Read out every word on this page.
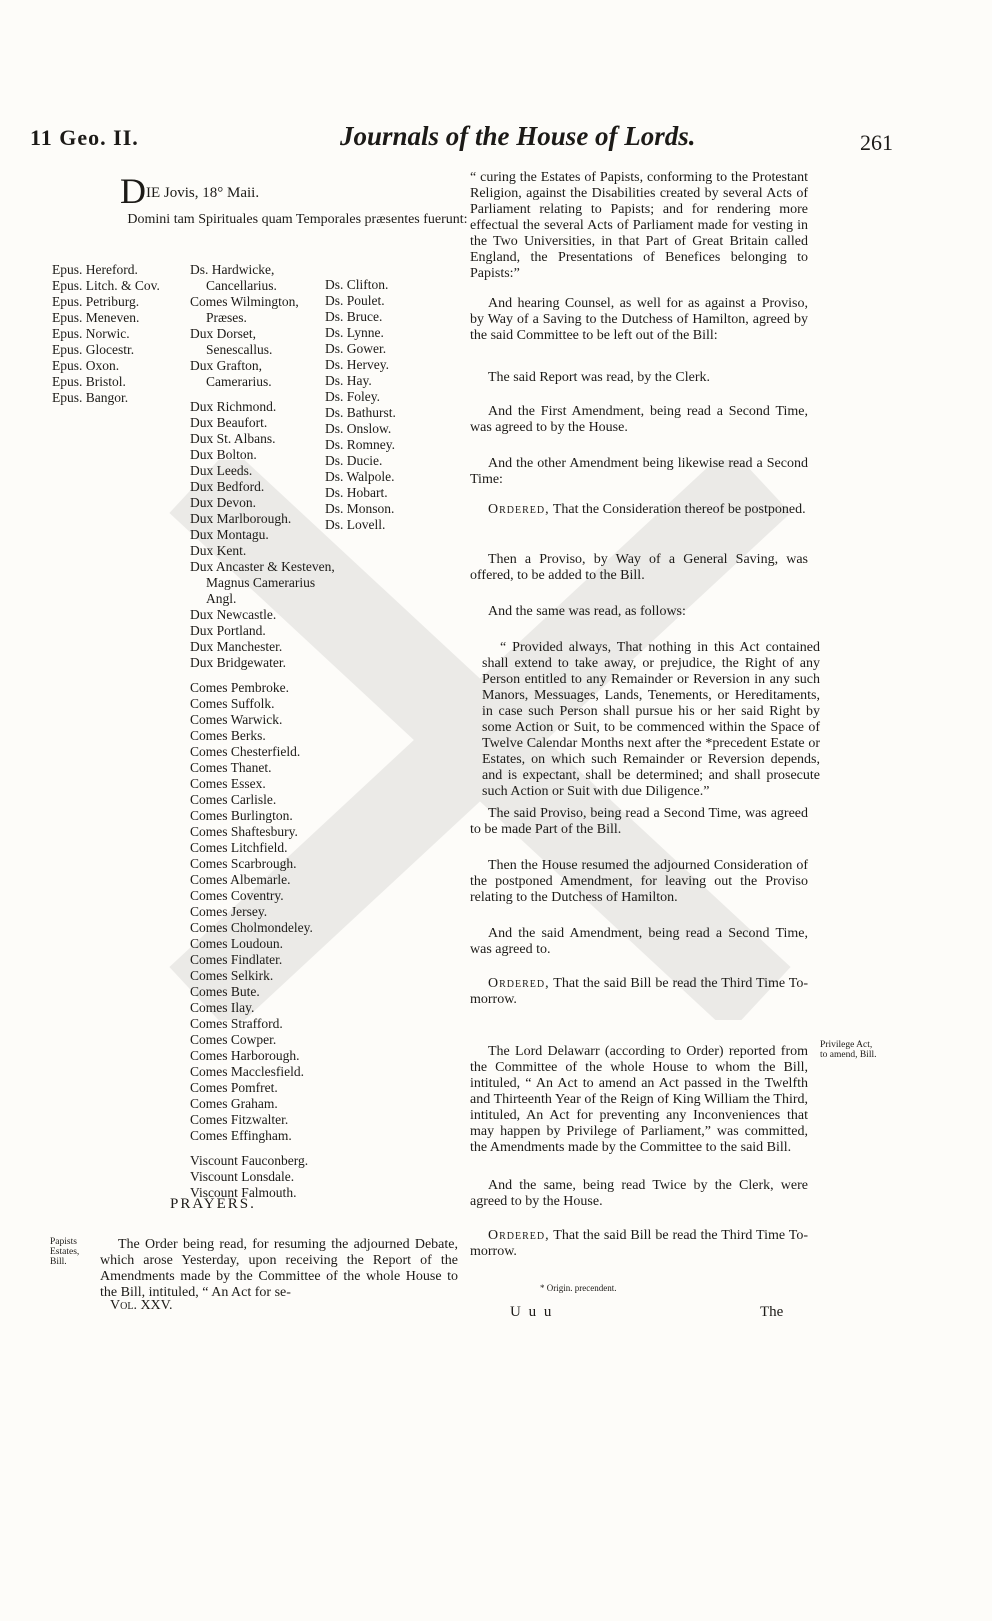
11 Geo. II.	Journals of the House of Lords.	261
DIE Jovis, 18° Maii.
Domini tam Spirituales quam Temporales præsentes fuerunt:
Epus. Hereford.
Epus. Litch. & Cov.
Epus. Petriburg.
Epus. Meneven.
Epus. Norwic.
Epus. Glocestr.
Epus. Oxon.
Epus. Bristol.
Epus. Bangor.
Ds. Hardwicke,
Cancellarius.
Comes Wilmington,
Præses.
Dux Dorset,
Senescallus.
Dux Grafton,
Camerarius.
Dux Richmond.
Dux Beaufort.
Dux St. Albans.
Dux Bolton.
Dux Leeds.
Dux Bedford.
Dux Devon.
Dux Marlborough.
Dux Montagu.
Dux Kent.
Dux Ancaster & Kesteven, Magnus Camerarius Angl.
Dux Newcastle.
Dux Portland.
Dux Manchester.
Dux Bridgewater.
Comes Pembroke.
Comes Suffolk.
Comes Warwick.
Comes Berks.
Comes Chesterfield.
Comes Thanet.
Comes Essex.
Comes Carlisle.
Comes Burlington.
Comes Shaftesbury.
Comes Litchfield.
Comes Scarbrough.
Comes Albemarle.
Comes Coventry.
Comes Jersey.
Comes Cholmondeley.
Comes Loudoun.
Comes Findlater.
Comes Selkirk.
Comes Bute.
Comes Ilay.
Comes Strafford.
Comes Cowper.
Comes Harborough.
Comes Macclesfield.
Comes Pomfret.
Comes Graham.
Comes Fitzwalter.
Comes Effingham.
Viscount Fauconberg.
Viscount Lonsdale.
Viscount Falmouth.
Ds. Clifton.
Ds. Poulet.
Ds. Bruce.
Ds. Lynne.
Ds. Gower.
Ds. Hervey.
Ds. Hay.
Ds. Foley.
Ds. Bathurst.
Ds. Onslow.
Ds. Romney.
Ds. Ducie.
Ds. Walpole.
Ds. Hobart.
Ds. Monson.
Ds. Lovell.
PRAYERS.
Papists Estates, Bill.
The Order being read, for resuming the adjourned Debate, which arose Yesterday, upon receiving the Report of the Amendments made by the Committee of the whole House to the Bill, intituled, “ An Act for se-
Vol. XXV.
“ curing the Estates of Papists, conforming to the Protestant Religion, against the Disabilities created by several Acts of Parliament relating to Papists; and for rendering more effectual the several Acts of Parliament made for vesting in the Two Universities, in that Part of Great Britain called England, the Presentations of Benefices belonging to Papists:”
And hearing Counsel, as well for as against a Proviso, by Way of a Saving to the Dutchess of Hamilton, agreed by the said Committee to be left out of the Bill:
The said Report was read, by the Clerk.
And the First Amendment, being read a Second Time, was agreed to by the House.
And the other Amendment being likewise read a Second Time:
Ordered, That the Consideration thereof be postponed.
Then a Proviso, by Way of a General Saving, was offered, to be added to the Bill.
And the same was read, as follows:
“ Provided always, That nothing in this Act contained shall extend to take away, or prejudice, the Right of any Person entitled to any Remainder or Reversion in any such Manors, Messuages, Lands, Tenements, or Hereditaments, in case such Person shall pursue his or her said Right by some Action or Suit, to be commenced within the Space of Twelve Calendar Months next after the *precedent Estate or Estates, on which such Remainder or Reversion depends, and is expectant, shall be determined; and shall prosecute such Action or Suit with due Diligence.”
The said Proviso, being read a Second Time, was agreed to be made Part of the Bill.
Then the House resumed the adjourned Consideration of the postponed Amendment, for leaving out the Proviso relating to the Dutchess of Hamilton.
And the said Amendment, being read a Second Time, was agreed to.
Ordered, That the said Bill be read the Third Time To-morrow.
Privilege Act, to amend, Bill.
The Lord Delawarr (according to Order) reported from the Committee of the whole House to whom the Bill, intituled, “ An Act to amend an Act passed in the Twelfth and Thirteenth Year of the Reign of King William the Third, intituled, An Act for preventing any Inconveniences that may happen by Privilege of Parliament,” was committed, the Amendments made by the Committee to the said Bill.
And the same, being read Twice by the Clerk, were agreed to by the House.
Ordered, That the said Bill be read the Third Time To-morrow.
* Origin. precendent.
U u u	The
